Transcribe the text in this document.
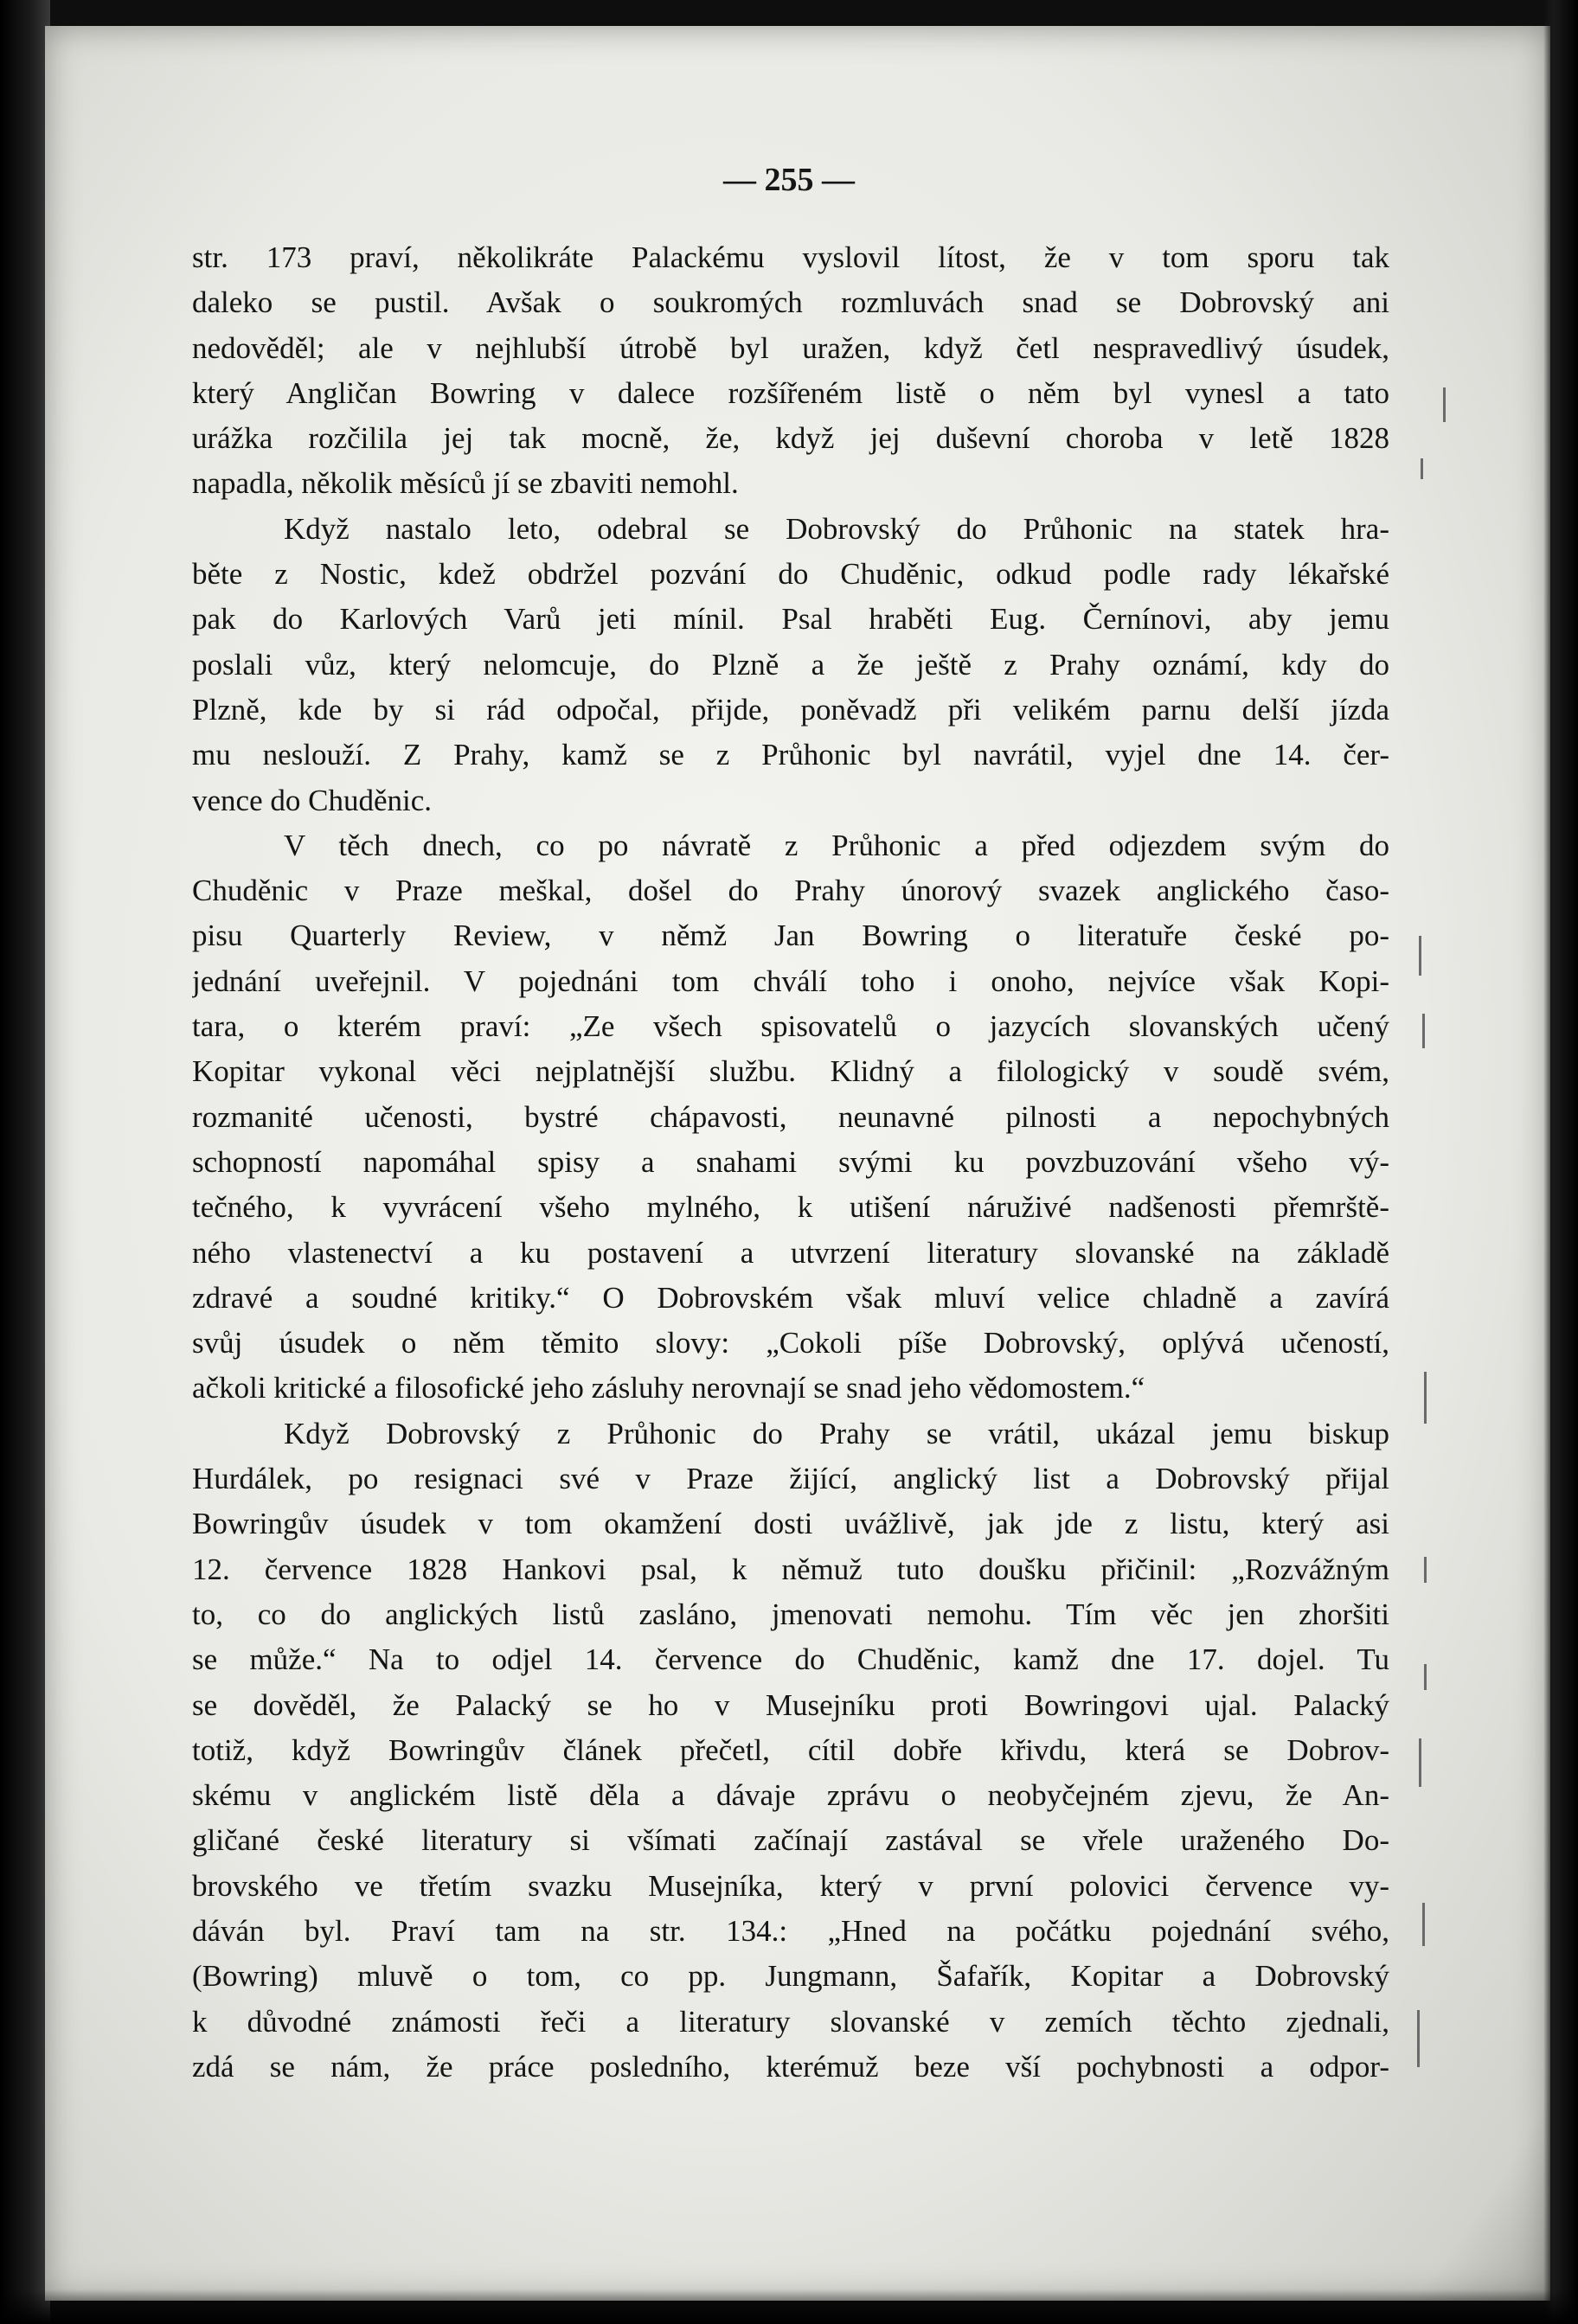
— 255 —

str. 173 praví, několikráte Palackému vyslovil lítost, že v tom sporu tak
daleko se pustil. Avšak o soukromých rozmluvách snad se Dobrovský ani
nedověděl; ale v nejhlubší útrobě byl uražen, když četl nespravedlivý úsudek,
který Angličan Bowring v dalece rozšířeném listě o něm byl vynesl a tato
urážka rozčilila jej tak mocně, že, když jej duševní choroba v letě 1828
napadla, několik měsíců jí se zbaviti nemohl.

Když nastalo leto, odebral se Dobrovský do Průhonic na statek hra-
běte z Nostic, kdež obdržel pozvání do Chuděnic, odkud podle rady lékařské
pak do Karlových Varů jeti mínil. Psal hraběti Eug. Černínovi, aby jemu
poslali vůz, který nelomcuje, do Plzně a že ještě z Prahy oznámí, kdy do
Plzně, kde by si rád odpočal, přijde, poněvadž při velikém parnu delší jízda
mu neslouží. Z Prahy, kamž se z Průhonic byl navrátil, vyjel dne 14. čer-
vence do Chuděnic.

V těch dnech, co po návratě z Průhonic a před odjezdem svým do
Chuděnic v Praze meškal, došel do Prahy únorový svazek anglického časo-
pisu Quarterly Review, v němž Jan Bowring o literatuře české po-
jednání uveřejnil. V pojednáni tom chválí toho i onoho, nejvíce však Kopi-
tara, o kterém praví: „Ze všech spisovatelů o jazycích slovanských učený
Kopitar vykonal věci nejplatnější službu. Klidný a filologický v soudě svém,
rozmanité učenosti, bystré chápavosti, neunavné pilnosti a nepochybných
schopností napomáhal spisy a snahami svými ku povzbuzování všeho vý-
tečného, k vyvrácení všeho mylného, k utišení náruživé nadšenosti přemrště-
ného vlastenectví a ku postavení a utvrzení literatury slovanské na základě
zdravé a soudné kritiky.“ O Dobrovském však mluví velice chladně a zavírá
svůj úsudek o něm těmito slovy: „Cokoli píše Dobrovský, oplývá učeností,
ačkoli kritické a filosofické jeho zásluhy nerovnají se snad jeho vědomostem.“

Když Dobrovský z Průhonic do Prahy se vrátil, ukázal jemu biskup
Hurdálek, po resignaci své v Praze žijící, anglický list a Dobrovský přijal
Bowringův úsudek v tom okamžení dosti uvážlivě, jak jde z listu, který asi
12. července 1828 Hankovi psal, k němuž tuto doušku přičinil: „Rozvážným
to, co do anglických listů zasláno, jmenovati nemohu. Tím věc jen zhoršiti
se může.“ Na to odjel 14. července do Chuděnic, kamž dne 17. dojel. Tu
se dověděl, že Palacký se ho v Musejníku proti Bowringovi ujal. Palacký
totiž, když Bowringův článek přečetl, cítil dobře křivdu, která se Dobrov-
skému v anglickém listě děla a dávaje zprávu o neobyčejném zjevu, že An-
gličané české literatury si všímati začínají zastával se vřele uraženého Do-
brovského ve třetím svazku Musejníka, který v první polovici července vy-
dáván byl. Praví tam na str. 134.: „Hned na počátku pojednání svého,
(Bowring) mluvě o tom, co pp. Jungmann, Šafařík, Kopitar a Dobrovský
k důvodné známosti řeči a literatury slovanské v zemích těchto zjednali,
zdá se nám, že práce posledního, kterémuž beze vší pochybnosti a odpor-
